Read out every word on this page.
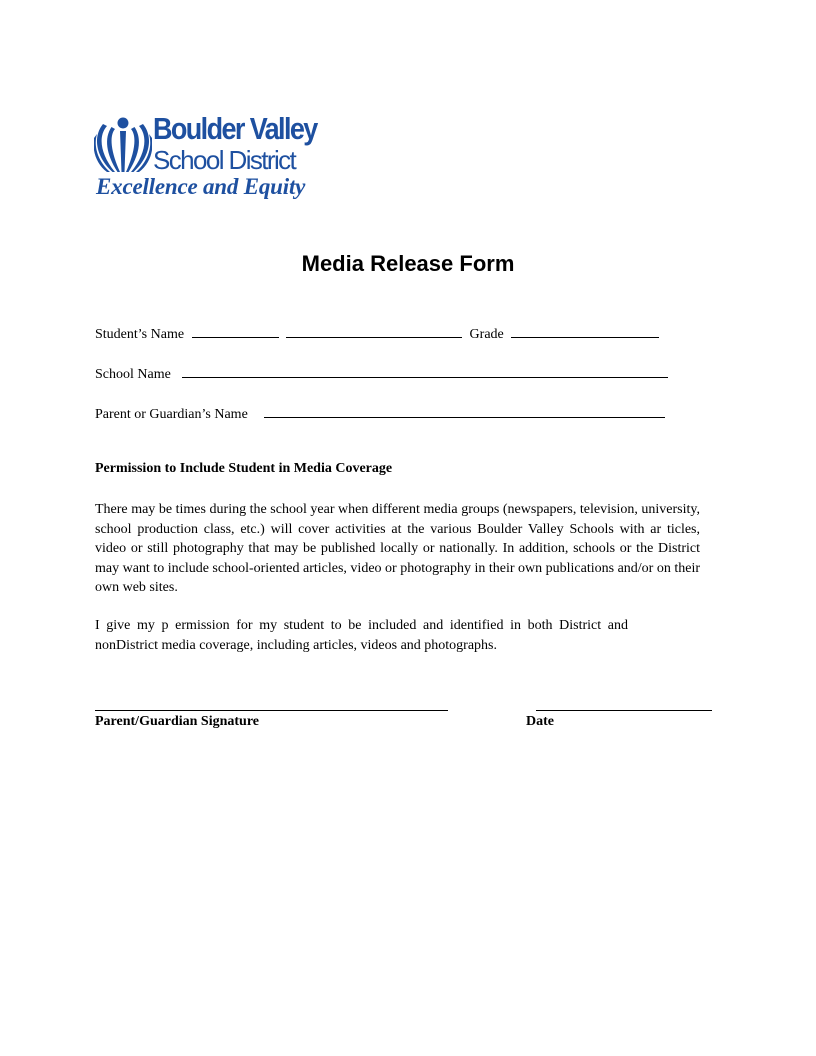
Boulder Valley
School District
Excellence and Equity
Media Release Form
Student’s Name	Grade
School Name
Parent or Guardian’s Name
Permission to Include Student in Media Coverage
There may be times during the school year when different media groups (newspapers, television, university, school production class, etc.) will cover activities at the various Boulder Valley Schools with ar ticles, video or still photography that may be published locally or nationally. In addition, schools or the District may want to include school-oriented articles, video or photography in their own publications and/or on their own web sites.
I give my p ermission for my student to be included and identified in both District and nonDistrict media coverage, including articles, videos and photographs.
Parent/Guardian Signature	Date
